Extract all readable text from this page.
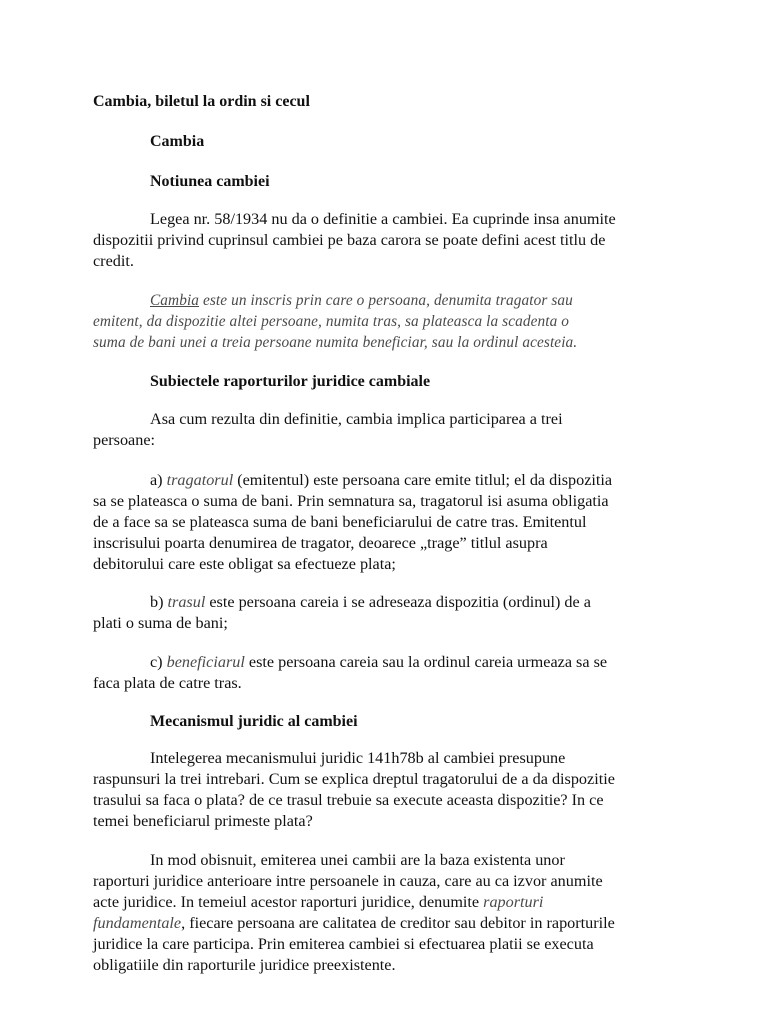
Cambia, biletul la ordin si cecul

Cambia

Notiunea cambiei

Legea nr. 58/1934 nu da o definitie a cambiei. Ea cuprinde insa anumite

dispozitii privind cuprinsul cambiei pe baza carora se poate defini acest titlu de

credit.

Cambia este un inscris prin care o persoana, denumita tragator sau

emitent, da dispozitie altei persoane, numita tras, sa plateasca la scadenta o

suma de bani unei a treia persoane numita beneficiar, sau la ordinul acesteia.

Subiectele raporturilor juridice cambiale

Asa cum rezulta din definitie, cambia implica participarea a trei

persoane:

a) tragatorul (emitentul) este persoana care emite titlul; el da dispozitia

sa se plateasca o suma de bani. Prin semnatura sa, tragatorul isi asuma obligatia

de a face sa se plateasca suma de bani beneficiarului de catre tras. Emitentul

inscrisului poarta denumirea de tragator, deoarece „trage” titlul asupra

debitorului care este obligat sa efectueze plata;

b) trasul este persoana careia i se adreseaza dispozitia (ordinul) de a

plati o suma de bani;

c) beneficiarul este persoana careia sau la ordinul careia urmeaza sa se

faca plata de catre tras.

Mecanismul juridic al cambiei

Intelegerea mecanismului juridic 141h78b al cambiei presupune

raspunsuri la trei intrebari. Cum se explica dreptul tragatorului de a da dispozitie

trasului sa faca o plata? de ce trasul trebuie sa execute aceasta dispozitie? In ce

temei beneficiarul primeste plata?

In mod obisnuit, emiterea unei cambii are la baza existenta unor

raporturi juridice anterioare intre persoanele in cauza, care au ca izvor anumite

acte juridice. In temeiul acestor raporturi juridice, denumite raporturi

fundamentale, fiecare persoana are calitatea de creditor sau debitor in raporturile

juridice la care participa. Prin emiterea cambiei si efectuarea platii se executa

obligatiile din raporturile juridice preexistente.
